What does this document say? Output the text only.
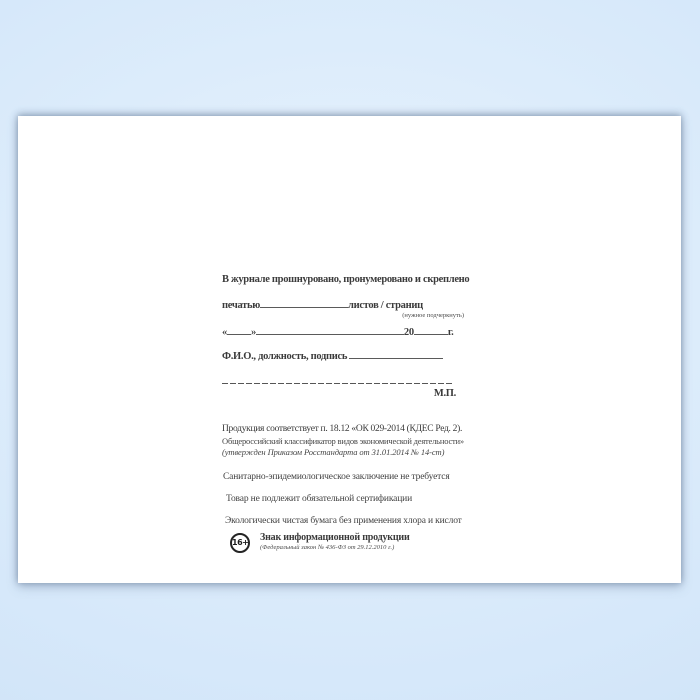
В журнале прошнуровано, пронумеровано и скреплено
печатью	листов / страниц
(нужное подчеркнуть)
« »	20	г.
Ф.И.О., должность, подпись
М.П.
Продукция соответствует п. 18.12 «ОК 029-2014 (КДЕС Ред. 2).
Общероссийский классификатор видов экономической деятельности»
(утвержден Приказом Росстандарта от 31.01.2014 № 14-ст)
Санитарно-эпидемиологическое заключение не требуется
Товар не подлежит обязательной сертификации
Экологически чистая бумага без применения хлора и кислот
16+ Знак информационной продукции
(Федеральный закон № 436-ФЗ от 29.12.2010 г.)
